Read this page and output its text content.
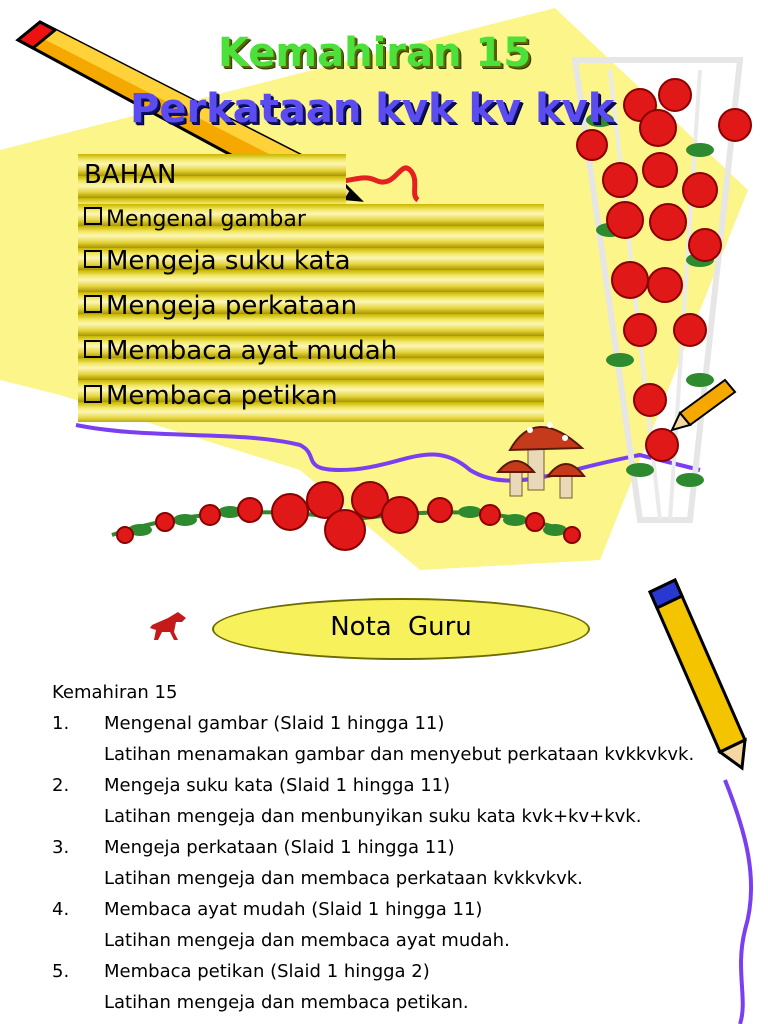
Kemahiran 15
Perkataan kvk kv kvk
BAHAN
Mengenal gambar
Mengeja suku kata
Mengeja perkataan
Membaca ayat mudah
Membaca petikan
Nota Guru
Kemahiran 15
1. Mengenal gambar (Slaid 1 hingga 11)
Latihan menamakan gambar dan menyebut perkataan kvkkvkvk.
2. Mengeja suku kata (Slaid 1 hingga 11)
Latihan mengeja dan menbunyikan suku kata kvk+kv+kvk.
3. Mengeja perkataan (Slaid 1 hingga 11)
Latihan mengeja dan membaca perkataan kvkkvkvk.
4. Membaca ayat mudah (Slaid 1 hingga 11)
Latihan mengeja dan membaca ayat mudah.
5. Membaca petikan (Slaid 1 hingga 2)
Latihan mengeja dan membaca petikan.
